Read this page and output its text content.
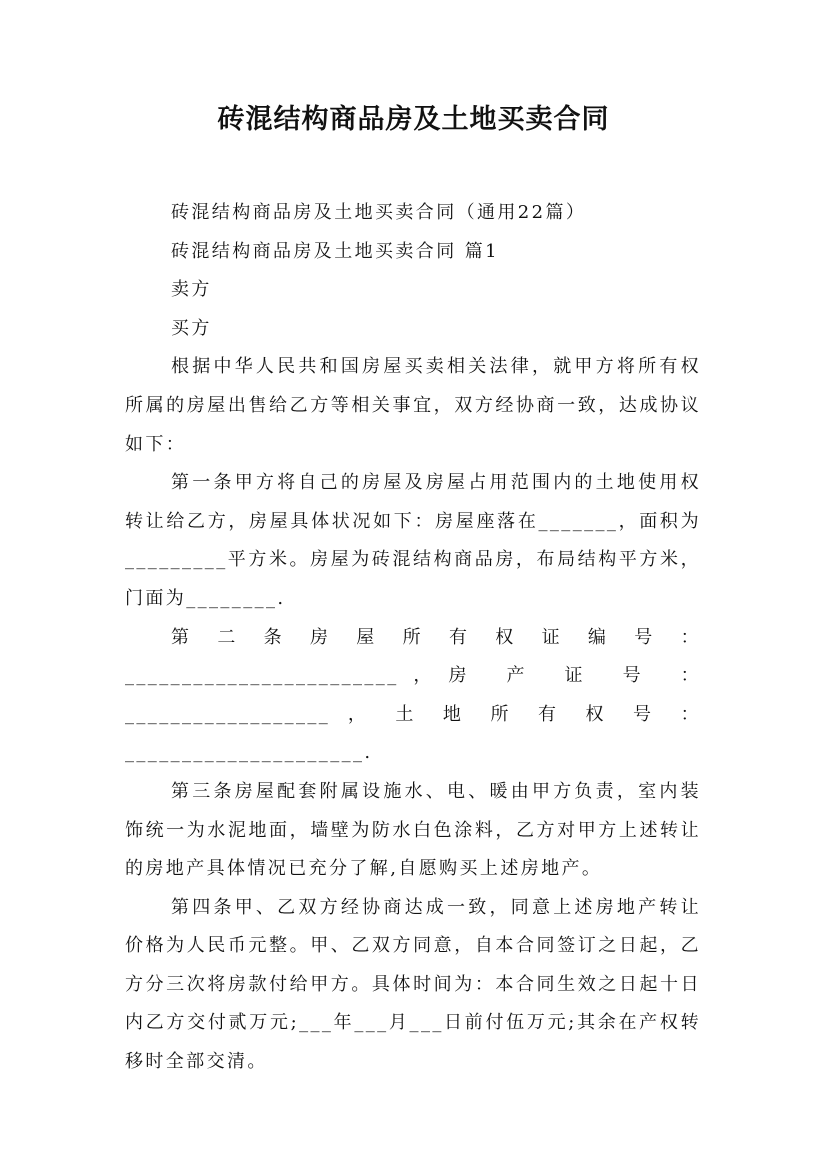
砖混结构商品房及土地买卖合同

砖混结构商品房及土地买卖合同（通用22篇）

砖混结构商品房及土地买卖合同 篇1

卖方

买方

根据中华人民共和国房屋买卖相关法律，就甲方将所有权所属的房屋出售给乙方等相关事宜，双方经协商一致，达成协议如下：

第一条甲方将自己的房屋及房屋占用范围内的土地使用权转让给乙方，房屋具体状况如下：房屋座落在_______，面积为_________平方米。房屋为砖混结构商品房，布局结构平方米，门面为________.

第二条房屋所有权证编号：________________________，房 产 证 号 ： __________________ ， 土 地 所 有 权 号 ：_____________________.

第三条房屋配套附属设施水、电、暖由甲方负责，室内装饰统一为水泥地面，墙壁为防水白色涂料，乙方对甲方上述转让的房地产具体情况已充分了解,自愿购买上述房地产。

第四条甲、乙双方经协商达成一致，同意上述房地产转让价格为人民币元整。甲、乙双方同意，自本合同签订之日起，乙方分三次将房款付给甲方。具体时间为：本合同生效之日起十日内乙方交付贰万元;___年___月___日前付伍万元;其余在产权转移时全部交清。
